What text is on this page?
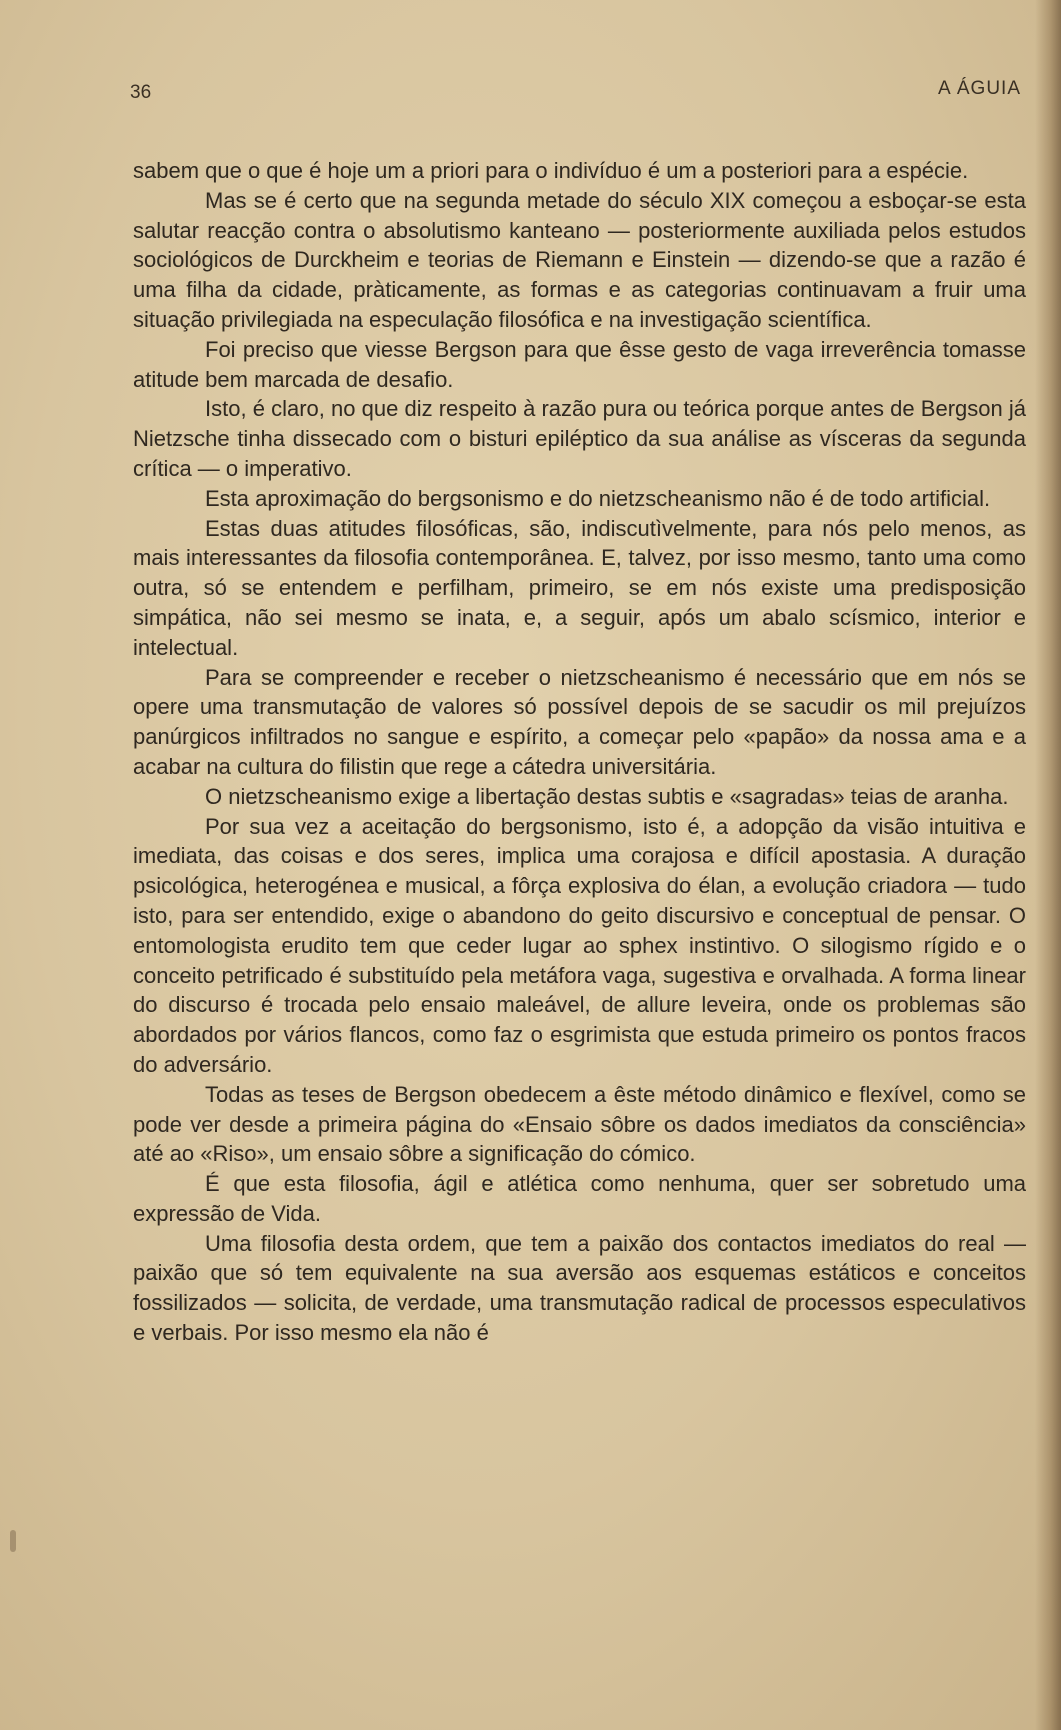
36	A ÁGUIA

sabem que o que é hoje um a priori para o indivíduo é um a posteriori para a espécie.

Mas se é certo que na segunda metade do século XIX começou a esboçar-se esta salutar reacção contra o absolutismo kanteano — posteriormente auxiliada pelos estudos sociológicos de Durckheim e teorias de Riemann e Einstein — dizendo-se que a razão é uma filha da cidade, pràticamente, as formas e as categorias continuavam a fruir uma situação privilegiada na especulação filosófica e na investigação scientífica.

Foi preciso que viesse Bergson para que êsse gesto de vaga irreverência tomasse atitude bem marcada de desafio.

Isto, é claro, no que diz respeito à razão pura ou teórica porque antes de Bergson já Nietzsche tinha dissecado com o bisturi epiléptico da sua análise as vísceras da segunda crítica — o imperativo.

Esta aproximação do bergsonismo e do nietzscheanismo não é de todo artificial.

Estas duas atitudes filosóficas, são, indiscutìvelmente, para nós pelo menos, as mais interessantes da filosofia contemporânea. E, talvez, por isso mesmo, tanto uma como outra, só se entendem e perfilham, primeiro, se em nós existe uma predisposição simpática, não sei mesmo se inata, e, a seguir, após um abalo scísmico, interior e intelectual.

Para se compreender e receber o nietzscheanismo é necessário que em nós se opere uma transmutação de valores só possível depois de se sacudir os mil prejuízos panúrgicos infiltrados no sangue e espírito, a começar pelo «papão» da nossa ama e a acabar na cultura do filistin que rege a cátedra universitária.

O nietzscheanismo exige a libertação destas subtis e «sagradas» teias de aranha.

Por sua vez a aceitação do bergsonismo, isto é, a adopção da visão intuitiva e imediata, das coisas e dos seres, implica uma corajosa e difícil apostasia. A duração psicológica, heterogénea e musical, a fôrça explosiva do élan, a evolução criadora — tudo isto, para ser entendido, exige o abandono do geito discursivo e conceptual de pensar. O entomologista erudito tem que ceder lugar ao sphex instintivo. O silogismo rígido e o conceito petrificado é substituído pela metáfora vaga, sugestiva e orvalhada. A forma linear do discurso é trocada pelo ensaio maleável, de allure leveira, onde os problemas são abordados por vários flancos, como faz o esgrimista que estuda primeiro os pontos fracos do adversário.

Todas as teses de Bergson obedecem a êste método dinâmico e flexível, como se pode ver desde a primeira página do «Ensaio sôbre os dados imediatos da consciência» até ao «Riso», um ensaio sôbre a significação do cómico.

É que esta filosofia, ágil e atlética como nenhuma, quer ser sobretudo uma expressão de Vida.

Uma filosofia desta ordem, que tem a paixão dos contactos imediatos do real — paixão que só tem equivalente na sua aversão aos esquemas estáticos e conceitos fossilizados — solicita, de verdade, uma transmutação radical de processos especulativos e verbais. Por isso mesmo ela não é
